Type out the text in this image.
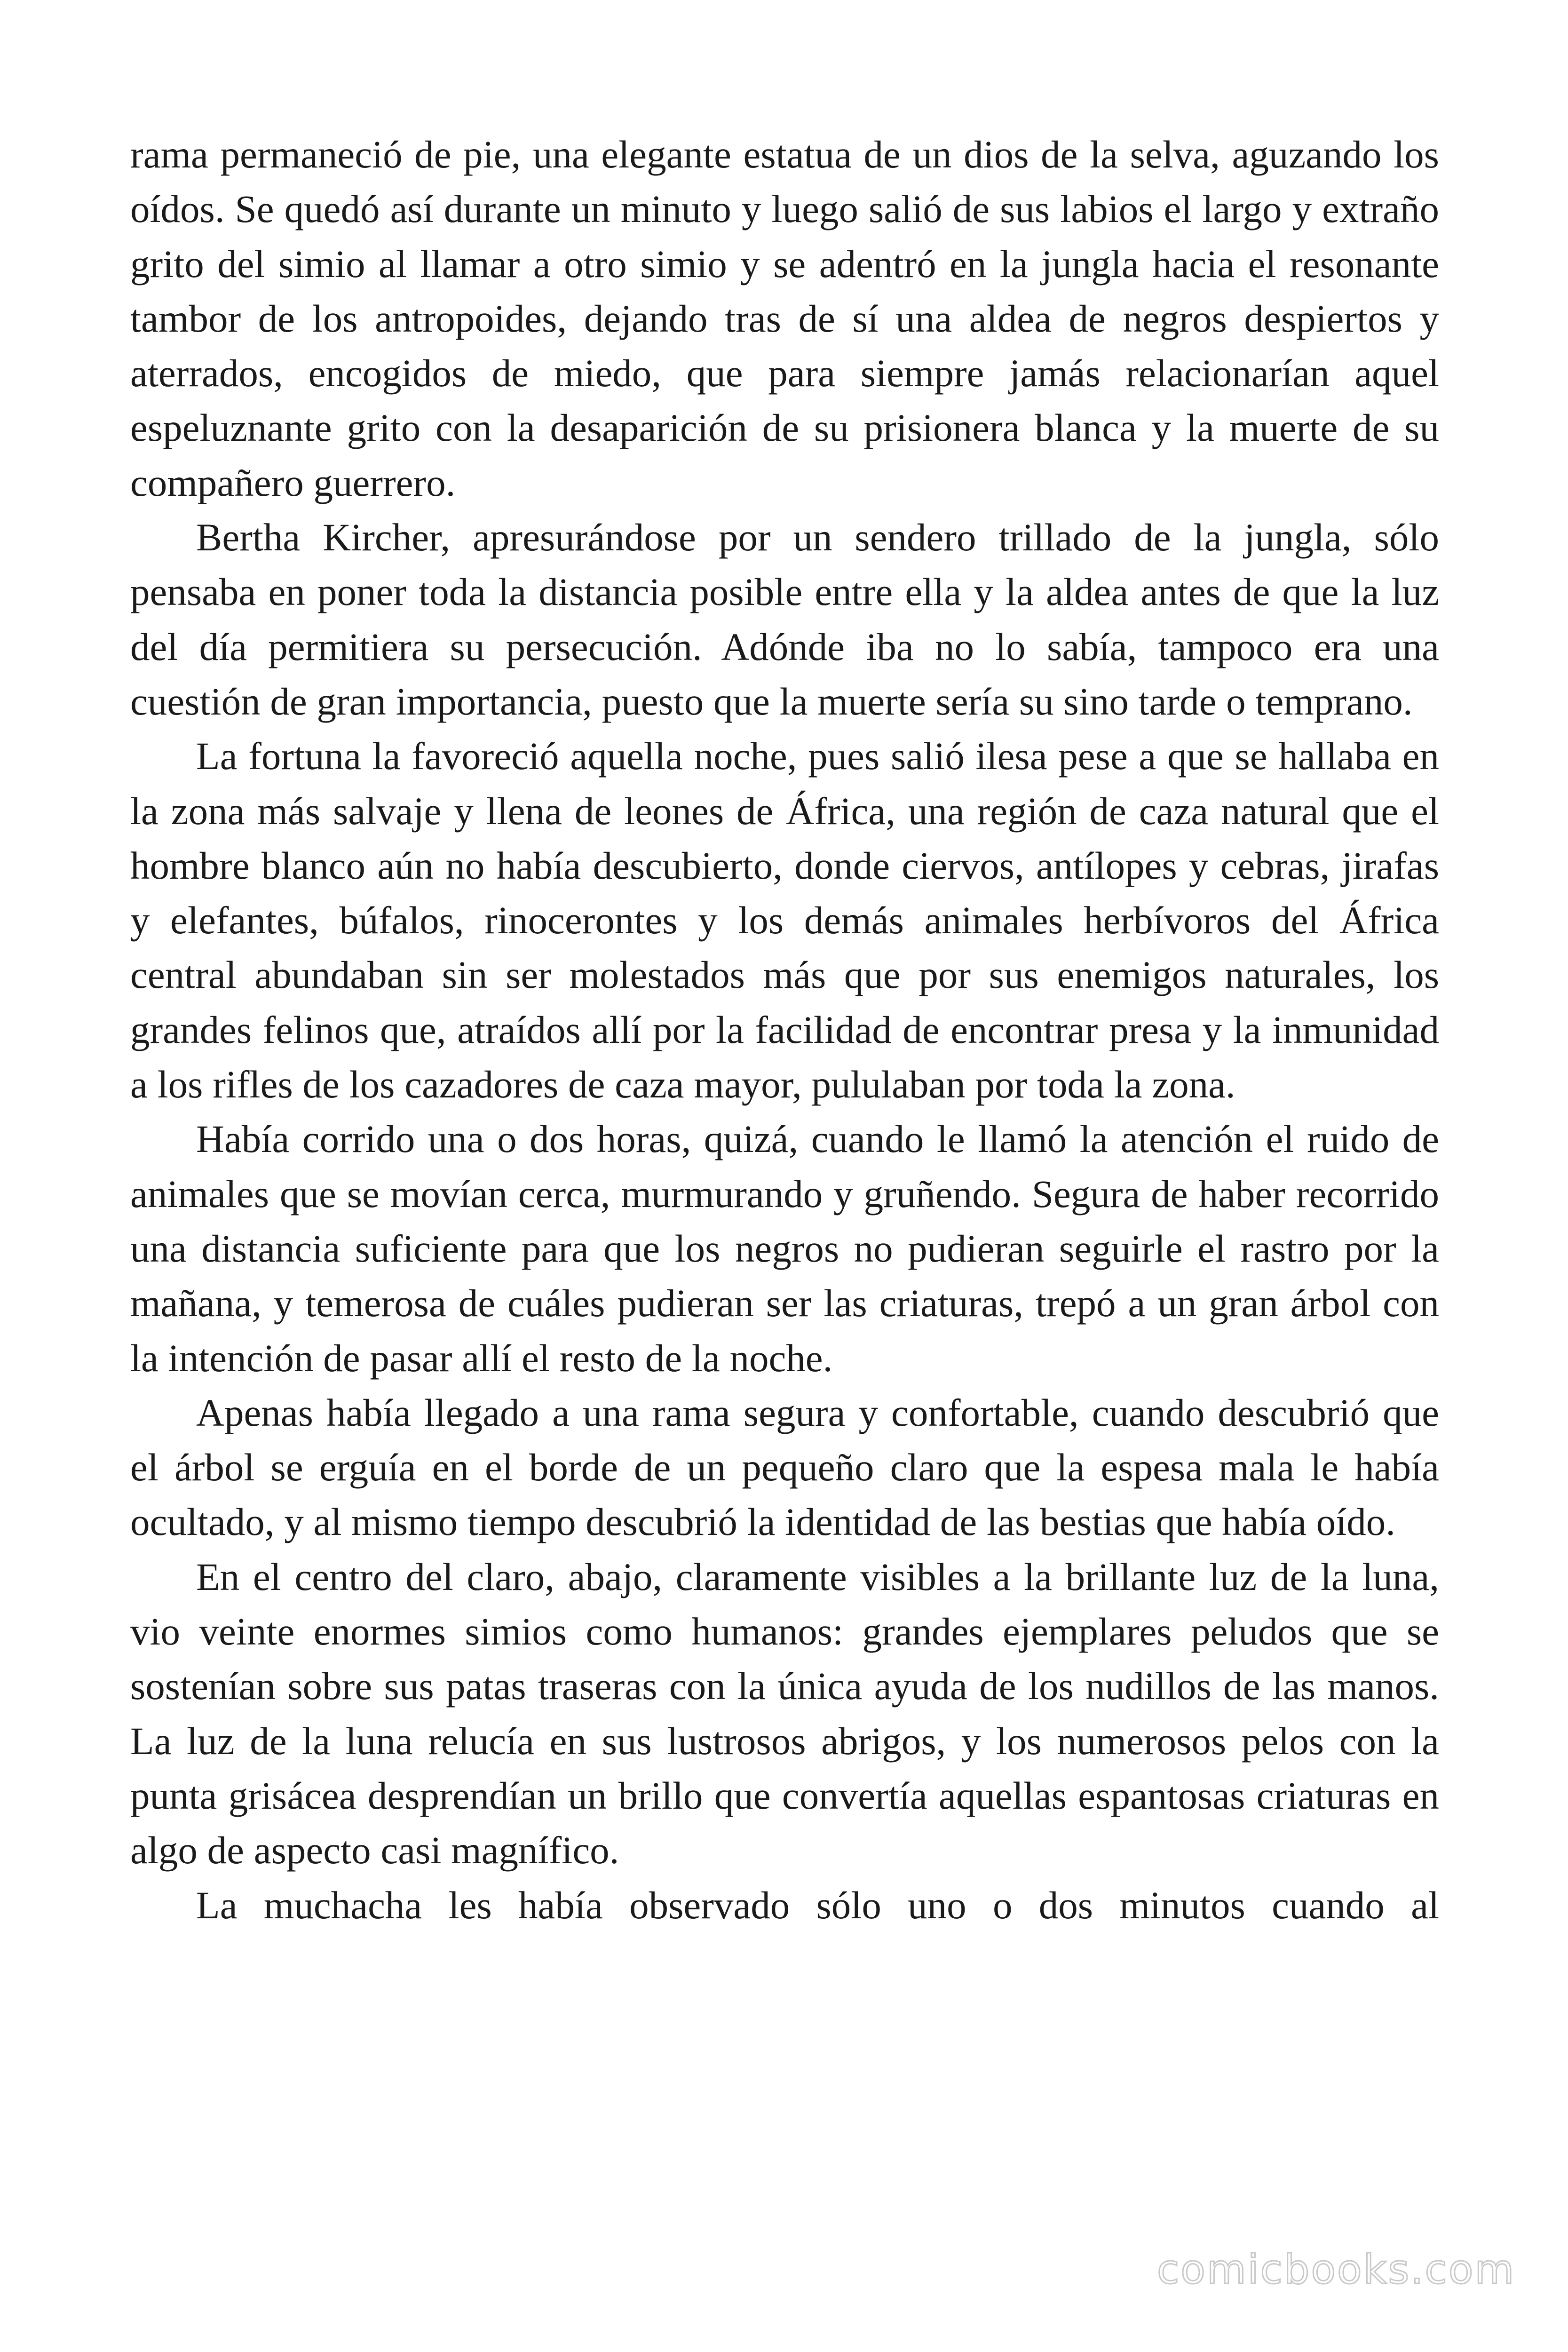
rama permaneció de pie, una elegante estatua de un dios de la selva, aguzando los oídos. Se quedó así durante un minuto y luego salió de sus labios el largo y extraño grito del simio al llamar a otro simio y se adentró en la jungla hacia el resonante tambor de los antropoides, dejando tras de sí una aldea de negros despiertos y aterrados, encogidos de miedo, que para siempre jamás relacionarían aquel espeluznante grito con la desaparición de su prisionera blanca y la muerte de su compañero guerrero.

Bertha Kircher, apresurándose por un sendero trillado de la jungla, sólo pensaba en poner toda la distancia posible entre ella y la aldea antes de que la luz del día permitiera su persecución. Adónde iba no lo sabía, tampoco era una cuestión de gran importancia, puesto que la muerte sería su sino tarde o temprano.

La fortuna la favoreció aquella noche, pues salió ilesa pese a que se hallaba en la zona más salvaje y llena de leones de África, una región de caza natural que el hombre blanco aún no había descubierto, donde ciervos, antílopes y cebras, jirafas y elefantes, búfalos, rinocerontes y los demás animales herbívoros del África central abundaban sin ser molestados más que por sus enemigos naturales, los grandes felinos que, atraídos allí por la facilidad de encontrar presa y la inmunidad a los rifles de los cazadores de caza mayor, pululaban por toda la zona.

Había corrido una o dos horas, quizá, cuando le llamó la atención el ruido de animales que se movían cerca, murmurando y gruñendo. Segura de haber recorrido una distancia suficiente para que los negros no pudieran seguirle el rastro por la mañana, y temerosa de cuáles pudieran ser las criaturas, trepó a un gran árbol con la intención de pasar allí el resto de la noche.

Apenas había llegado a una rama segura y confortable, cuando descubrió que el árbol se erguía en el borde de un pequeño claro que la espesa mala le había ocultado, y al mismo tiempo descubrió la identidad de las bestias que había oído.

En el centro del claro, abajo, claramente visibles a la brillante luz de la luna, vio veinte enormes simios como humanos: grandes ejemplares peludos que se sostenían sobre sus patas traseras con la única ayuda de los nudillos de las manos. La luz de la luna relucía en sus lustrosos abrigos, y los numerosos pelos con la punta grisácea desprendían un brillo que convertía aquellas espantosas criaturas en algo de aspecto casi magnífico.

La muchacha les había observado sólo uno o dos minutos cuando al

comicbooks.com
